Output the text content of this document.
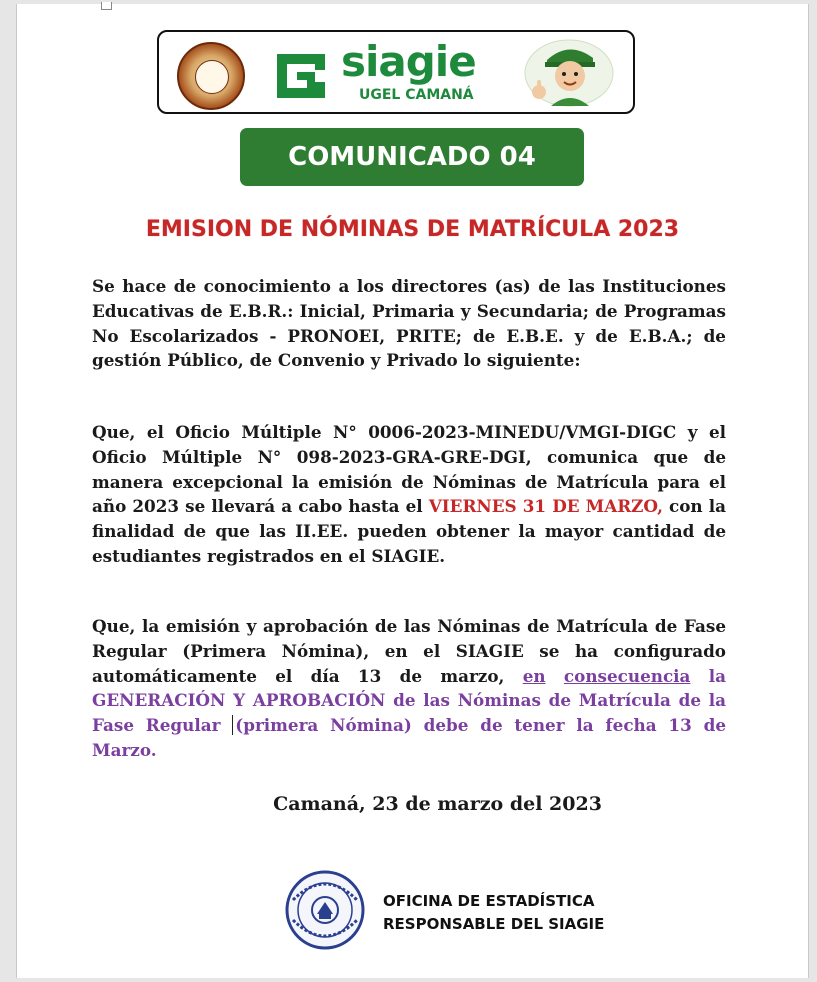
siagie
UGEL CAMANÁ
COMUNICADO 04
EMISION DE NÓMINAS DE MATRÍCULA 2023
Se hace de conocimiento a los directores (as) de las Instituciones Educativas de E.B.R.: Inicial, Primaria y Secundaria; de Programas No Escolarizados - PRONOEI, PRITE; de E.B.E. y de E.B.A.; de gestión Público, de Convenio y Privado lo siguiente:
Que, el Oficio Múltiple N° 0006-2023-MINEDU/VMGI-DIGC y el Oficio Múltiple N° 098-2023-GRA-GRE-DGI, comunica que de manera excepcional la emisión de Nóminas de Matrícula para el año 2023 se llevará a cabo hasta el VIERNES 31 DE MARZO, con la finalidad de que las II.EE. pueden obtener la mayor cantidad de estudiantes registrados en el SIAGIE.
Que, la emisión y aprobación de las Nóminas de Matrícula de Fase Regular (Primera Nómina), en el SIAGIE se ha configurado automáticamente el día 13 de marzo, en consecuencia la GENERACIÓN Y APROBACIÓN de las Nóminas de Matrícula de la Fase Regular (primera Nómina) debe de tener la fecha 13 de Marzo.
Camaná, 23 de marzo del 2023
OFICINA DE ESTADÍSTICA
RESPONSABLE DEL SIAGIE
